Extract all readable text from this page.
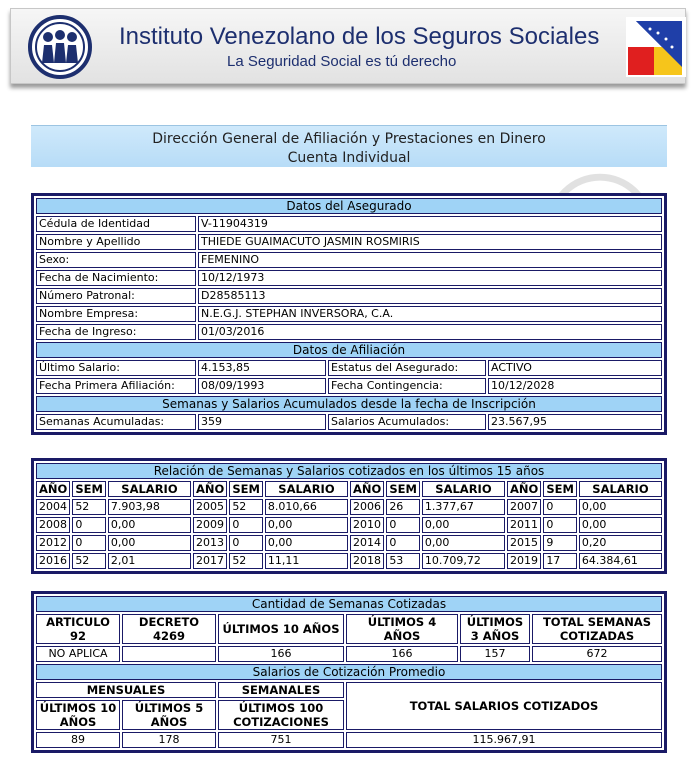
Instituto Venezolano de los Seguros Sociales
La Seguridad Social es tú derecho
Dirección General de Afiliación y Prestaciones en Dinero
Cuenta Individual
Datos del Asegurado			
Cédula de Identidad	V-11904319		
Nombre y Apellido	THIEDE GUAIMACUTO JASMIN ROSMIRIS		
Sexo:	FEMENINO		
Fecha de Nacimiento:	10/12/1973		
Número Patronal:	D28585113		
Nombre Empresa:	N.E.G.J. STEPHAN INVERSORA, C.A.		
Fecha de Ingreso:	01/03/2016		
Datos de Afiliación			
Último Salario:	4.153,85	Estatus del Asegurado:	ACTIVO
Fecha Primera Afiliación:	08/09/1993	Fecha Contingencia:	10/12/2028
Semanas y Salarios Acumulados desde la fecha de Inscripción			
Semanas Acumuladas:	359	Salarios Acumulados:	23.567,95
Relación de Semanas y Salarios cotizados en los últimos 15 años											
AÑO	SEM	SALARIO	AÑO	SEM	SALARIO	AÑO	SEM	SALARIO	AÑO	SEM	SALARIO
2004	52	7.903,98	2005	52	8.010,66	2006	26	1.377,67	2007	0	0,00
2008	0	0,00	2009	0	0,00	2010	0	0,00	2011	0	0,00
2012	0	0,00	2013	0	0,00	2014	0	0,00	2015	9	0,20
2016	52	2,01	2017	52	11,11	2018	53	10.709,72	2019	17	64.384,61
Cantidad de Semanas Cotizadas					
ARTICULO 92	DECRETO 4269	ÚLTIMOS 10 AÑOS	ÚLTIMOS 4 AÑOS	ÚLTIMOS 3 AÑOS	TOTAL SEMANAS COTIZADAS
NO APLICA		166	166	157	672
Salarios de Cotización Promedio					
MENSUALES		SEMANALES	TOTAL SALARIOS COTIZADOS		
ÚLTIMOS 10 AÑOS	ÚLTIMOS 5 AÑOS	ÚLTIMOS 100 COTIZACIONES			
89	178	751	115.967,91		
